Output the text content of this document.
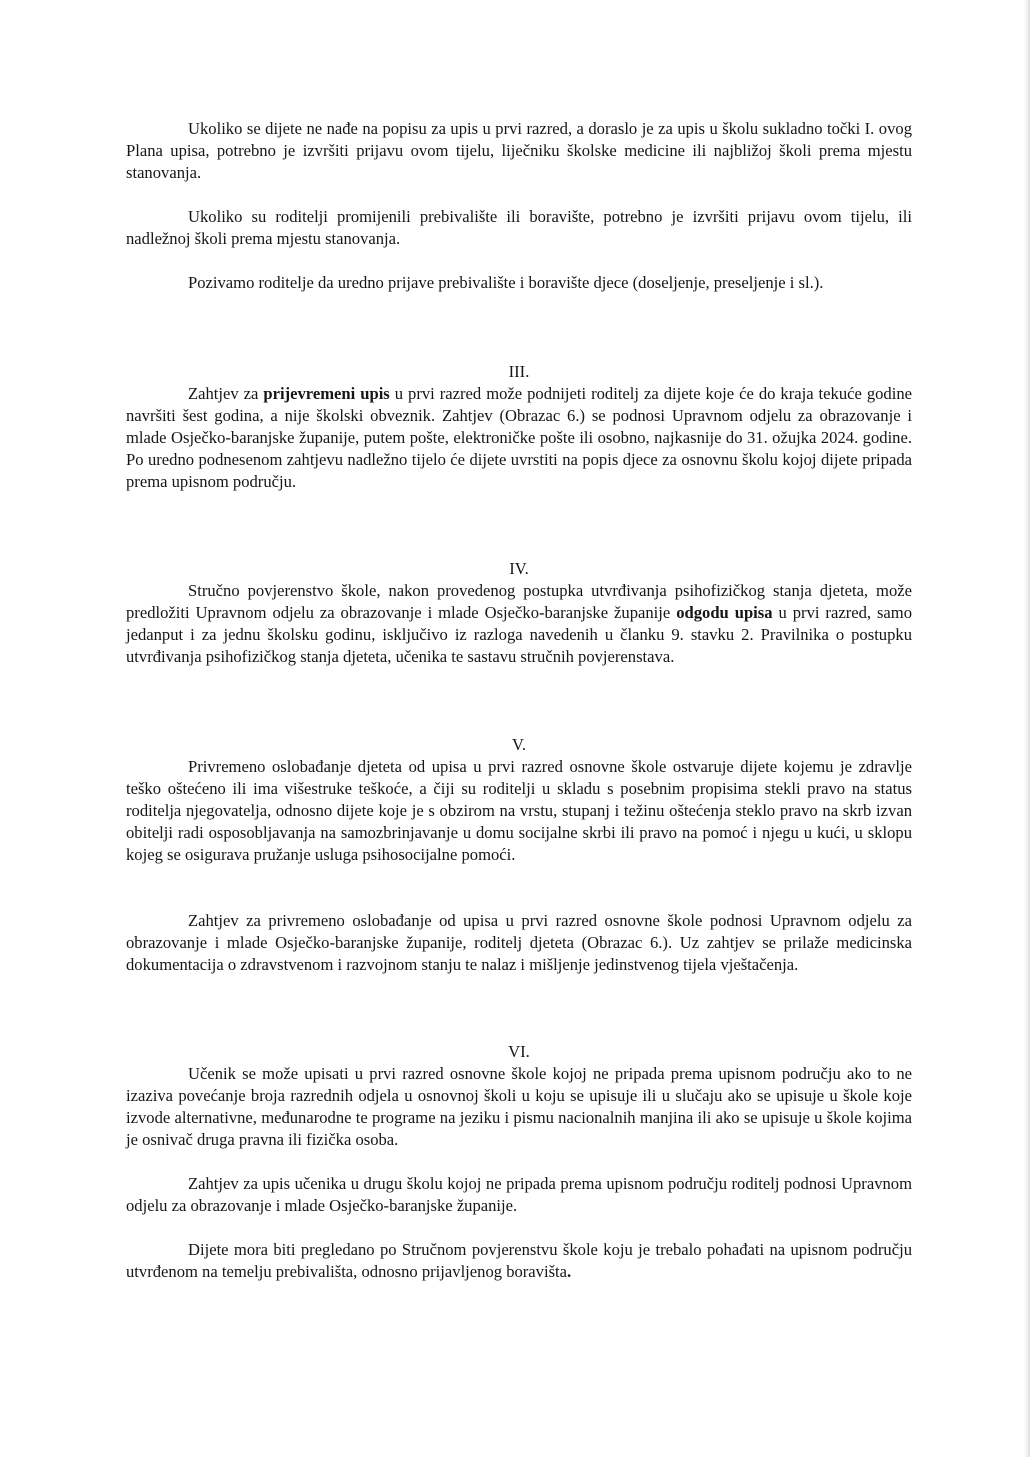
Ukoliko se dijete ne nađe na popisu za upis u prvi razred, a doraslo je za upis u školu sukladno točki I. ovog Plana upisa, potrebno je izvršiti prijavu ovom tijelu, liječniku školske medicine ili najbližoj školi prema mjestu stanovanja.

Ukoliko su roditelji promijenili prebivalište ili boravište, potrebno je izvršiti prijavu ovom tijelu, ili nadležnoj školi prema mjestu stanovanja.

Pozivamo roditelje da uredno prijave prebivalište i boravište djece (doseljenje, preseljenje i sl.).

III.

Zahtjev za prijevremeni upis u prvi razred može podnijeti roditelj za dijete koje će do kraja tekuće godine navršiti šest godina, a nije školski obveznik. Zahtjev (Obrazac 6.) se podnosi Upravnom odjelu za obrazovanje i mlade Osječko-baranjske županije, putem pošte, elektroničke pošte ili osobno, najkasnije do 31. ožujka 2024. godine. Po uredno podnesenom zahtjevu nadležno tijelo će dijete uvrstiti na popis djece za osnovnu školu kojoj dijete pripada prema upisnom području.

IV.

Stručno povjerenstvo škole, nakon provedenog postupka utvrđivanja psihofizičkog stanja djeteta, može predložiti Upravnom odjelu za obrazovanje i mlade Osječko-baranjske županije odgodu upisa u prvi razred, samo jedanput i za jednu školsku godinu, isključivo iz razloga navedenih u članku 9. stavku 2. Pravilnika o postupku utvrđivanja psihofizičkog stanja djeteta, učenika te sastavu stručnih povjerenstava.

V.

Privremeno oslobađanje djeteta od upisa u prvi razred osnovne škole ostvaruje dijete kojemu je zdravlje teško oštećeno ili ima višestruke teškoće, a čiji su roditelji u skladu s posebnim propisima stekli pravo na status roditelja njegovatelja, odnosno dijete koje je s obzirom na vrstu, stupanj i težinu oštećenja steklo pravo na skrb izvan obitelji radi osposobljavanja na samozbrinjavanje u domu socijalne skrbi ili pravo na pomoć i njegu u kući, u sklopu kojeg se osigurava pružanje usluga psihosocijalne pomoći.

Zahtjev za privremeno oslobađanje od upisa u prvi razred osnovne škole podnosi Upravnom odjelu za obrazovanje i mlade Osječko-baranjske županije, roditelj djeteta (Obrazac 6.). Uz zahtjev se prilaže medicinska dokumentacija o zdravstvenom i razvojnom stanju te nalaz i mišljenje jedinstvenog tijela vještačenja.

VI.

Učenik se može upisati u prvi razred osnovne škole kojoj ne pripada prema upisnom području ako to ne izaziva povećanje broja razrednih odjela u osnovnoj školi u koju se upisuje ili u slučaju ako se upisuje u škole koje izvode alternativne, međunarodne te programe na jeziku i pismu nacionalnih manjina ili ako se upisuje u škole kojima je osnivač druga pravna ili fizička osoba.

Zahtjev za upis učenika u drugu školu kojoj ne pripada prema upisnom području roditelj podnosi Upravnom odjelu za obrazovanje i mlade Osječko-baranjske županije.

Dijete mora biti pregledano po Stručnom povjerenstvu škole koju je trebalo pohađati na upisnom području utvrđenom na temelju prebivališta, odnosno prijavljenog boravišta.
